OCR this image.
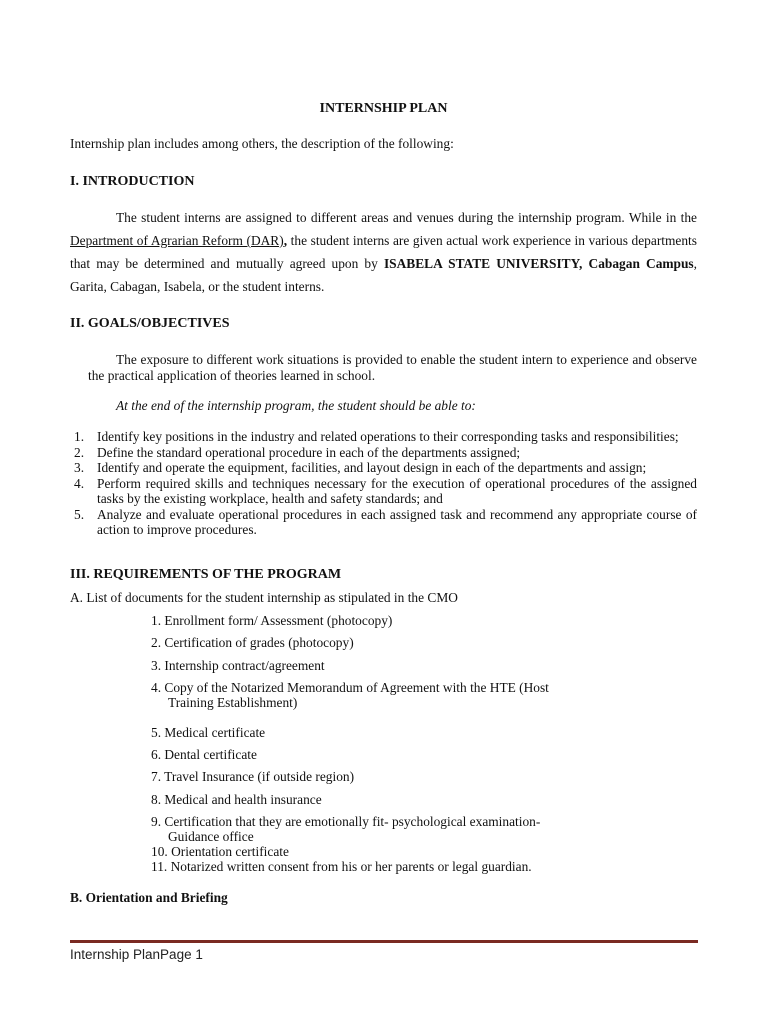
INTERNSHIP PLAN
Internship plan includes among others, the description of the following:
I. INTRODUCTION
The student interns are assigned to different areas and venues during the internship program. While in the Department of Agrarian Reform (DAR), the student interns are given actual work experience in various departments that may be determined and mutually agreed upon by ISABELA STATE UNIVERSITY, Cabagan Campus, Garita, Cabagan, Isabela, or the student interns.
II. GOALS/OBJECTIVES
The exposure to different work situations is provided to enable the student intern to experience and observe the practical application of theories learned in school.
At the end of the internship program, the student should be able to:
1. Identify key positions in the industry and related operations to their corresponding tasks and responsibilities;
2. Define the standard operational procedure in each of the departments assigned;
3. Identify and operate the equipment, facilities, and layout design in each of the departments and assign;
4. Perform required skills and techniques necessary for the execution of operational procedures of the assigned tasks by the existing workplace, health and safety standards; and
5. Analyze and evaluate operational procedures in each assigned task and recommend any appropriate course of action to improve procedures.
III. REQUIREMENTS OF THE PROGRAM
A. List of documents for the student internship as stipulated in the CMO
1. Enrollment form/ Assessment (photocopy)
2. Certification of grades (photocopy)
3. Internship contract/agreement
4. Copy of the Notarized Memorandum of Agreement with the HTE (Host
Training Establishment)
5. Medical certificate
6. Dental certificate
7. Travel Insurance (if outside region)
8. Medical and health insurance
9. Certification that they are emotionally fit- psychological examination-
Guidance office
10. Orientation certificate
11. Notarized written consent from his or her parents or legal guardian.
B. Orientation and Briefing
Internship PlanPage 1
